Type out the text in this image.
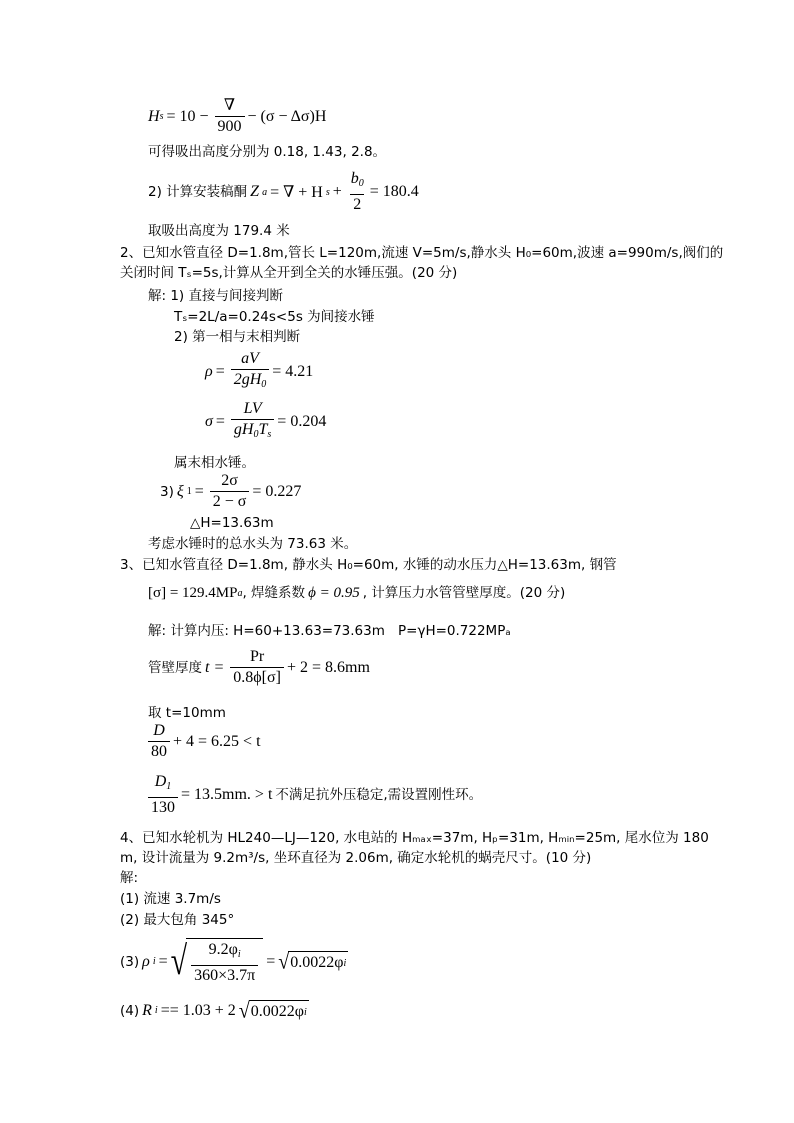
H s = 10 −
∇
900
− (σ − Δσ)H
可得吸出高度分别为 0.18, 1.43, 2.8。
2) 计算安装稿酮 Z a = ∇ + H $s + \frac{b_0}{2} = 180.4$
取吸出高度为 179.4 米
2、已知水管直径 D=1.8m,管长 L=120m,流速 V=5m/s,静水头 H₀=60m,波速 a=990m/s,阀们的
关闭时间 Tₛ=5s,计算从全开到全关的水锤压强。(20 分)
解: 1) 直接与间接判断
Tₛ=2L/a=0.24s<5s 为间接水锤
2) 第一相与末相判断
$\rho = \frac{aV}{2gH_0} = 4.21$
$\sigma = \frac{LV}{gH_0T_s} = 0.204$
属末相水锤。
3) ξ $1 = \frac{2\sigma}{2 - \sigma} = 0.227$
△H=13.63m
考虑水锤时的总水头为 73.63 米。
3、已知水管直径 D=1.8m, 静水头 H₀=60m, 水锤的动水压力△H=13.63m, 钢管
[σ] = 129.4MP a , 焊缝系数 ϕ = 0.95 , 计算压力水管管壁厚度。(20 分)
解: 计算内压: H=60+13.63=73.63m P=γH=0.722MPₐ
管壁厚度 $t = \frac{Pr}{0.8\phi[\sigma]} + 2 = 8.6mm$
取 t=10mm
D
80
+ 4 = 6.25 < t
$\frac{D_1}{130} = 13.5mm$. > t 不满足抗外压稳定,需设置刚性环。
4、已知水轮机为 HL240—LJ—120, 水电站的 Hₘₐₓ=37m, Hₚ=31m, Hₘᵢₙ=25m, 尾水位为 180
m, 设计流量为 9.2m³/s, 坐环直径为 2.06m, 确定水轮机的蜗壳尺寸。(10 分)
解:
(1) 流速 3.7m/s
(2) 最大包角 345°
(3) ρ i = √ $9.2\varphi_i$
360×3.7π
= √ 0.0022φ i
(4) R i == 1.03 + 2 √ 0.0022φ i
